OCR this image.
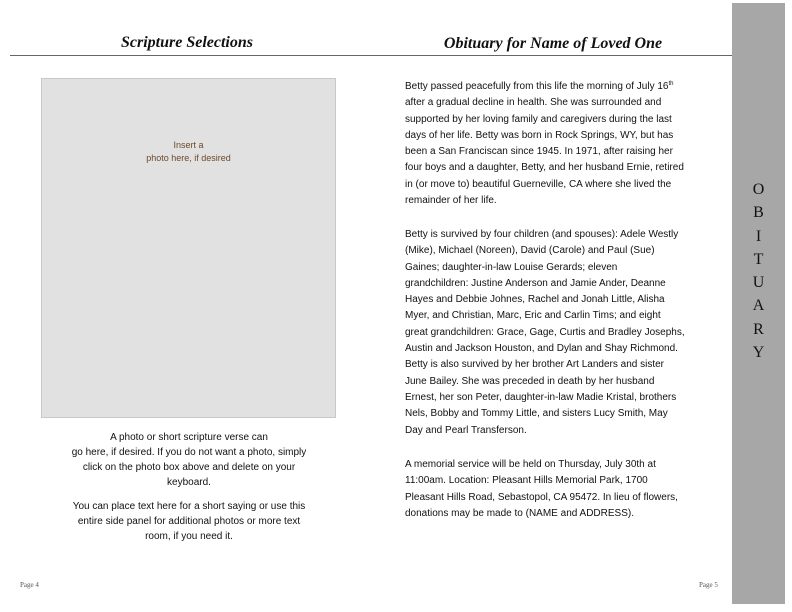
Scripture Selections	Obituary for Name of Loved One
Insert a
photo here, if desired
A photo or short scripture verse can
go here, if desired. If you do not want a photo, simply
click on the photo box above and delete on your
keyboard.
You can place text here for a short saying or use this
entire side panel for additional photos or more text
room, if you need it.
Betty passed peacefully from this life the morning of July 16th
after a gradual decline in health. She was surrounded and
supported by her loving family and caregivers during the last
days of her life. Betty was born in Rock Springs, WY, but has
been a San Franciscan since 1945. In 1971, after raising her
four boys and a daughter, Betty, and her husband Ernie, retired
in (or move to) beautiful Guerneville, CA where she lived the
remainder of her life.
Betty is survived by four children (and spouses): Adele Westly
(Mike), Michael (Noreen), David (Carole) and Paul (Sue)
Gaines; daughter-in-law Louise Gerards; eleven
grandchildren: Justine Anderson and Jamie Ander, Deanne
Hayes and Debbie Johnes, Rachel and Jonah Little, Alisha
Myer, and Christian, Marc, Eric and Carlin Tims; and eight
great grandchildren: Grace, Gage, Curtis and Bradley Josephs,
Austin and Jackson Houston, and Dylan and Shay Richmond.
Betty is also survived by her brother Art Landers and sister
June Bailey. She was preceded in death by her husband
Ernest, her son Peter, daughter-in-law Madie Kristal, brothers
Nels, Bobby and Tommy Little, and sisters Lucy Smith, May
Day and Pearl Transferson.
A memorial service will be held on Thursday, July 30th at
11:00am. Location: Pleasant Hills Memorial Park, 1700
Pleasant Hills Road, Sebastopol, CA 95472. In lieu of flowers,
donations may be made to (NAME and ADDRESS).
O
B
I
T
U
A
R
Y
Page 4	Page 5
